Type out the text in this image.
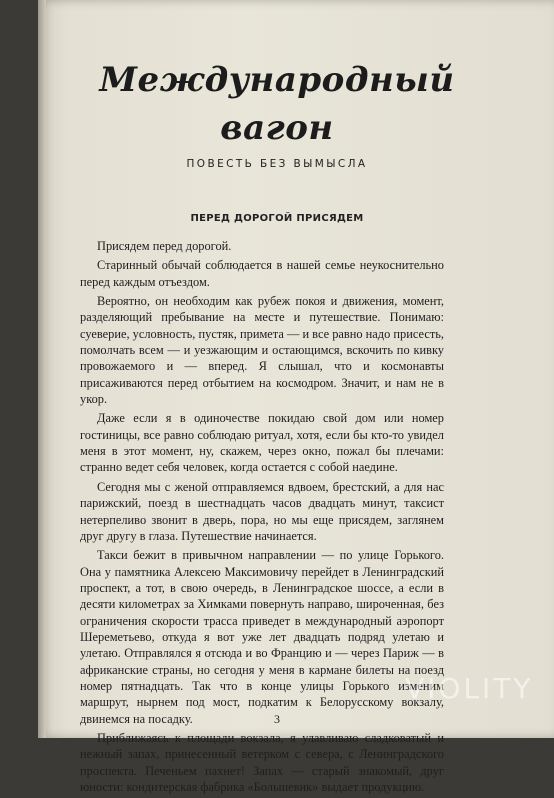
Международный
вагон
ПОВЕСТЬ БЕЗ ВЫМЫСЛА
ПЕРЕД ДОРОГОЙ ПРИСЯДЕМ

Присядем перед дорогой.

Старинный обычай соблюдается в нашей семье неукоснительно перед каждым отъездом.

Вероятно, он необходим как рубеж покоя и движения, момент, разделяющий пребывание на месте и путешествие. Понимаю: суеверие, условность, пустяк, примета — и все равно надо присесть, помолчать всем — и уезжающим и остающимся, вскочить по кивку провожаемого и — вперед. Я слышал, что и космонавты присаживаются перед отбытием на космодром. Значит, и нам не в укор.

Даже если я в одиночестве покидаю свой дом или номер гостиницы, все равно соблюдаю ритуал, хотя, если бы кто-то увидел меня в этот момент, ну, скажем, через окно, пожал бы плечами: странно ведет себя человек, когда остается с собой наедине.

Сегодня мы с женой отправляемся вдвоем, брестский, а для нас парижский, поезд в шестнадцать часов двадцать минут, таксист нетерпеливо звонит в дверь, пора, но мы еще присядем, заглянем друг другу в глаза. Путешествие начинается.

Такси бежит в привычном направлении — по улице Горького. Она у памятника Алексею Максимовичу перейдет в Ленинградский проспект, а тот, в свою очередь, в Ленинградское шоссе, а если в десяти километрах за Химками повернуть направо, широченная, без ограничения скорости трасса приведет в международный аэропорт Шереметьево, откуда я вот уже лет двадцать подряд улетаю и улетаю. Отправлялся я отсюда и во Францию и — через Париж — в африканские страны, но сегодня у меня в кармане билеты на поезд номер пятнадцать. Так что в конце улицы Горького изменим маршрут, нырнем под мост, подкатим к Белорусскому вокзалу, двинемся на посадку.

Приближаясь к площади вокзала, я улавливаю сладковатый и нежный запах, принесенный ветерком с севера, с Ленинградского проспекта. Печеньем пахнет! Запах — старый знакомый, друг юности: кондитерская фабрика «Большевик» выдает продукцию.

3
VIOLITY
